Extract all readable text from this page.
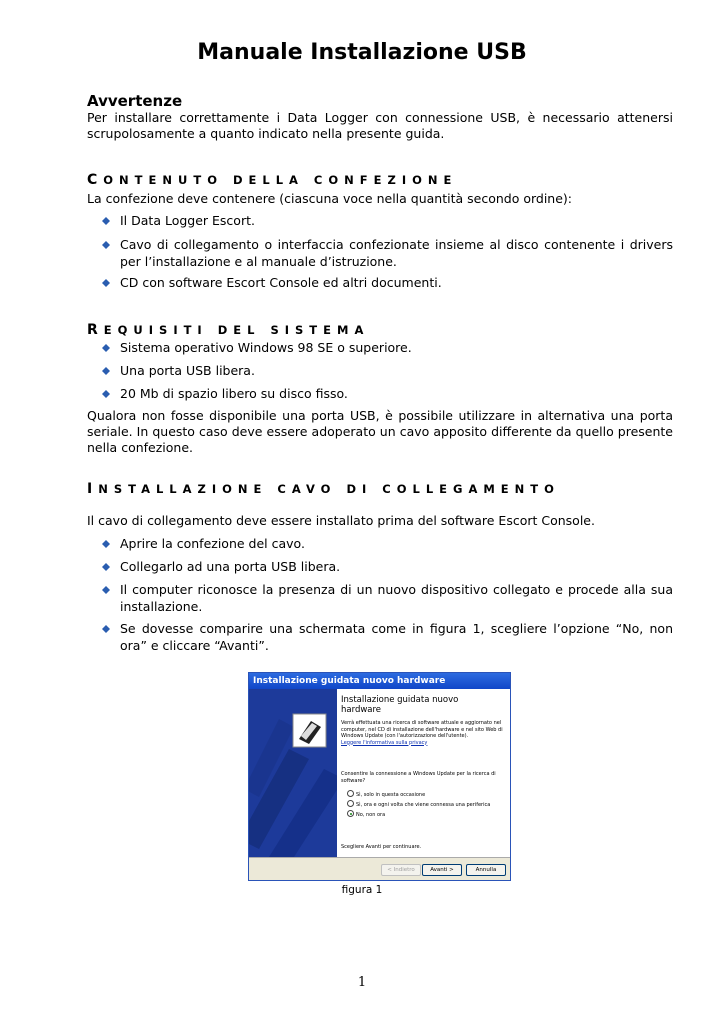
Manuale Installazione USB
Avvertenze
Per installare correttamente i Data Logger con connessione USB, è necessario attenersi scrupolosamente a quanto indicato nella presente guida.
CONTENUTO DELLA CONFEZIONE
La confezione deve contenere (ciascuna voce nella quantità secondo ordine):
Il Data Logger Escort.
Cavo di collegamento o interfaccia confezionate insieme al disco contenente i drivers per l’installazione e al manuale d’istruzione.
CD con software Escort Console ed altri documenti.
REQUISITI DEL SISTEMA
Sistema operativo Windows 98 SE o superiore.
Una porta USB libera.
20 Mb di spazio libero su disco fisso.
Qualora non fosse disponibile una porta USB, è possibile utilizzare in alternativa una porta seriale. In questo caso deve essere adoperato un cavo apposito differente da quello presente nella confezione.
INSTALLAZIONE CAVO DI COLLEGAMENTO
Il cavo di collegamento deve essere installato prima del software Escort Console.
Aprire la confezione del cavo.
Collegarlo ad una porta USB libera.
Il computer riconosce la presenza di un nuovo dispositivo collegato e procede alla sua installazione.
Se dovesse comparire una schermata come in figura 1, scegliere l’opzione “No, non ora” e cliccare “Avanti”.
Installazione guidata nuovo hardware
Installazione guidata nuovo
hardware
Verrà effettuata una ricerca di software attuale e aggiornato nel
computer, nel CD di installazione dell'hardware e nel sito Web di
Windows Update (con l'autorizzazione dell'utente).
Leggere l'informativa sulla privacy
Consentire la connessione a Windows Update per la ricerca di
software?
Sì, solo in questa occasione
Sì, ora e ogni volta che viene connessa una periferica
No, non ora
Scegliere Avanti per continuare.
< Indietro	Avanti >	Annulla
figura 1
1
